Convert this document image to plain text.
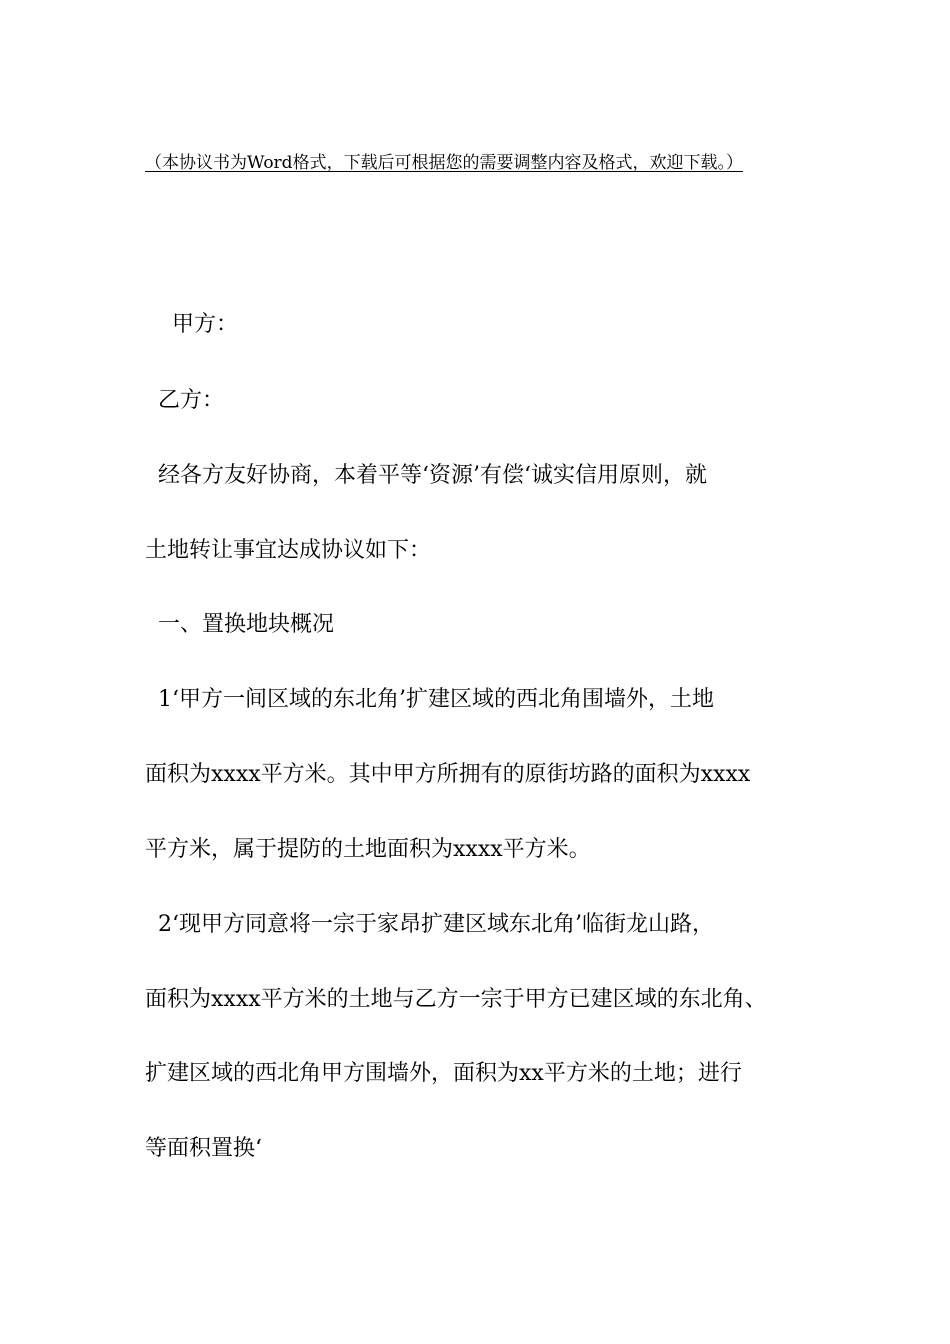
（本协议书为Word格式，下载后可根据您的需要调整内容及格式，欢迎下载。）
甲方：
乙方：
经各方友好协商，本着平等‘资源’有偿‘诚实信用原则，就
土地转让事宜达成协议如下：
一、置换地块概况
1‘甲方一间区域的东北角’扩建区域的西北角围墙外，土地
面积为xxxx平方米。其中甲方所拥有的原街坊路的面积为xxxx
平方米，属于提防的土地面积为xxxx平方米。
2‘现甲方同意将一宗于家昂扩建区域东北角’临街龙山路，
面积为xxxx平方米的土地与乙方一宗于甲方已建区域的东北角、
扩建区域的西北角甲方围墙外，面积为xx平方米的土地；进行
等面积置换‘
